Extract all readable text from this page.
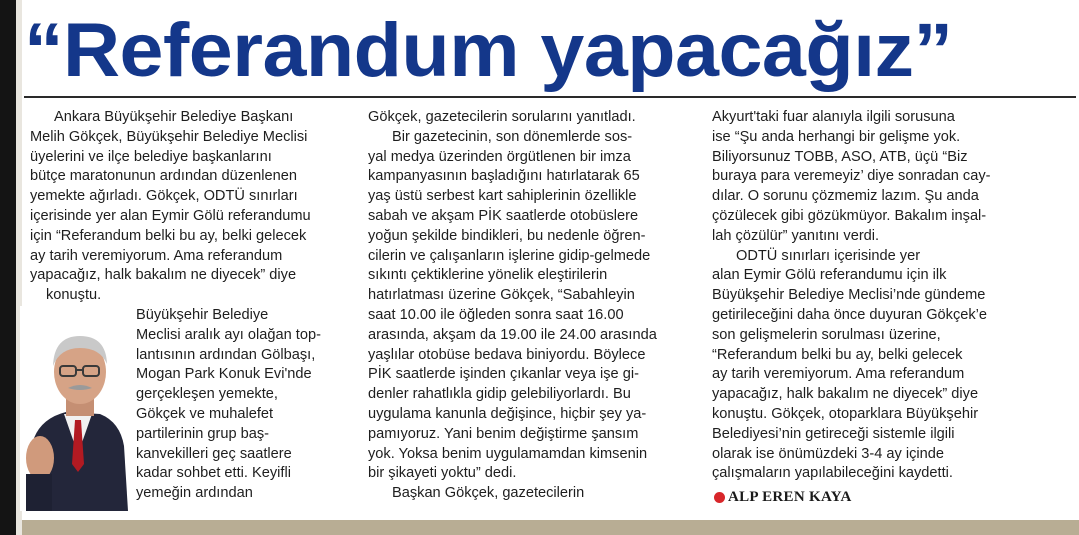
“Referandum yapacağız”

Ankara Büyükşehir Belediye Başkanı

Melih Gökçek, Büyükşehir Belediye Meclisi

üyelerini ve ilçe belediye başkanlarını

bütçe maratonunun ardından düzenlenen

yemekte ağırladı. Gökçek, ODTÜ sınırları

içerisinde yer alan Eymir Gölü referandumu

için “Referandum belki bu ay, belki gelecek

ay tarih veremiyorum. Ama referandum

yapacağız, halk bakalım ne diyecek” diye

konuştu.

Büyükşehir Belediye

Meclisi aralık ayı olağan top-

lantısının ardından Gölbaşı,

Mogan Park Konuk Evi'nde

gerçekleşen yemekte,

Gökçek ve muhalefet

partilerinin grup baş-

kanvekilleri geç saatlere

kadar sohbet etti. Keyifli

yemeğin ardından

Gökçek, gazetecilerin sorularını yanıtladı.

Bir gazetecinin, son dönemlerde sos-

yal medya üzerinden örgütlenen bir imza

kampanyasının başladığını hatırlatarak 65

yaş üstü serbest kart sahiplerinin özellikle

sabah ve akşam PİK saatlerde otobüslere

yoğun şekilde bindikleri, bu nedenle öğren-

cilerin ve çalışanların işlerine gidip-gelmede

sıkıntı çektiklerine yönelik eleştirilerin

hatırlatması üzerine Gökçek, “Sabahleyin

saat 10.00 ile öğleden sonra saat 16.00

arasında, akşam da 19.00 ile 24.00 arasında

yaşlılar otobüse bedava biniyordu. Böylece

PİK saatlerde işinden çıkanlar veya işe gi-

denler rahatlıkla gidip gelebiliyorlardı. Bu

uygulama kanunla değişince, hiçbir şey ya-

pamıyoruz. Yani benim değiştirme şansım

yok. Yoksa benim uygulamamdan kimsenin

bir şikayeti yoktu” dedi.

Başkan Gökçek, gazetecilerin

Akyurt'taki fuar alanıyla ilgili sorusuna

ise “Şu anda herhangi bir gelişme yok.

Biliyorsunuz TOBB, ASO, ATB, üçü “Biz

buraya para veremeyiz’ diye sonradan cay-

dılar. O sorunu çözmemiz lazım. Şu anda

çözülecek gibi gözükmüyor. Bakalım inşal-

lah çözülür” yanıtını verdi.

ODTÜ sınırları içerisinde yer

alan Eymir Gölü referandumu için ilk

Büyükşehir Belediye Meclisi’nde gündeme

getirileceğini daha önce duyuran Gökçek’e

son gelişmelerin sorulması üzerine,

“Referandum belki bu ay, belki gelecek

ay tarih veremiyorum. Ama referandum

yapacağız, halk bakalım ne diyecek” diye

konuştu. Gökçek, otoparklara Büyükşehir

Belediyesi’nin getireceği sistemle ilgili

olarak ise önümüzdeki 3-4 ay içinde

çalışmaların yapılabileceğini kaydetti.

ALP EREN KAYA
